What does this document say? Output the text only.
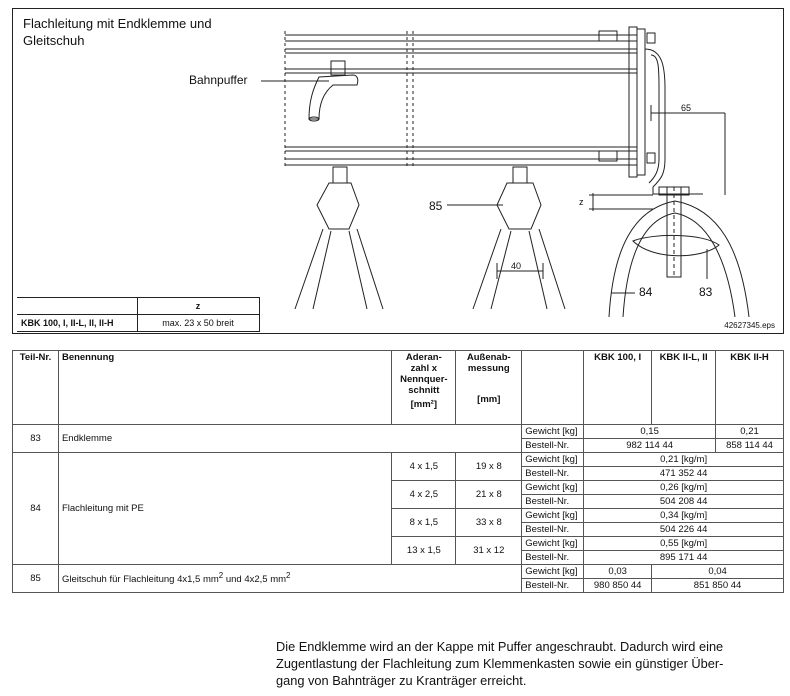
Flachleitung mit Endklemme und
Gleitschuh
Bahnpuffer
85
84	83
65
z
40
	z
KBK 100, I, II-L, II, II-H	max. 23 x 50 breit	42627345.eps
Teil-Nr.	Benennung	Aderan-
zahl x
Nennquer-
schnitt
[mm²]	Außenab-
messung
[mm]		KBK 100, I	KBK II-L, II	KBK II-H
83	Endklemme			Gewicht [kg]	0,15		0,21
				Bestell-Nr.	982 114 44		858 114 44
84	Flachleitung mit PE	4 x 1,5	19 x 8	Gewicht [kg]	0,21 [kg/m]		
				Bestell-Nr.	471 352 44		
		4 x 2,5	21 x 8	Gewicht [kg]	0,26 [kg/m]		
				Bestell-Nr.	504 208 44		
		8 x 1,5	33 x 8	Gewicht [kg]	0,34 [kg/m]		
				Bestell-Nr.	504 226 44		
		13 x 1,5	31 x 12	Gewicht [kg]	0,55 [kg/m]		
				Bestell-Nr.	895 171 44		
85	Gleitschuh für Flachleitung 4x1,5 $mm^2$ und 4x2,5 $mm^2$			Gewicht [kg]	0,03	0,04	
				Bestell-Nr.	980 850 44	851 850 44	
Die Endklemme wird an der Kappe mit Puffer angeschraubt. Dadurch wird eine
Zugentlastung der Flachleitung zum Klemmenkasten sowie ein günstiger Über-
gang von Bahnträger zu Kranträger erreicht.
